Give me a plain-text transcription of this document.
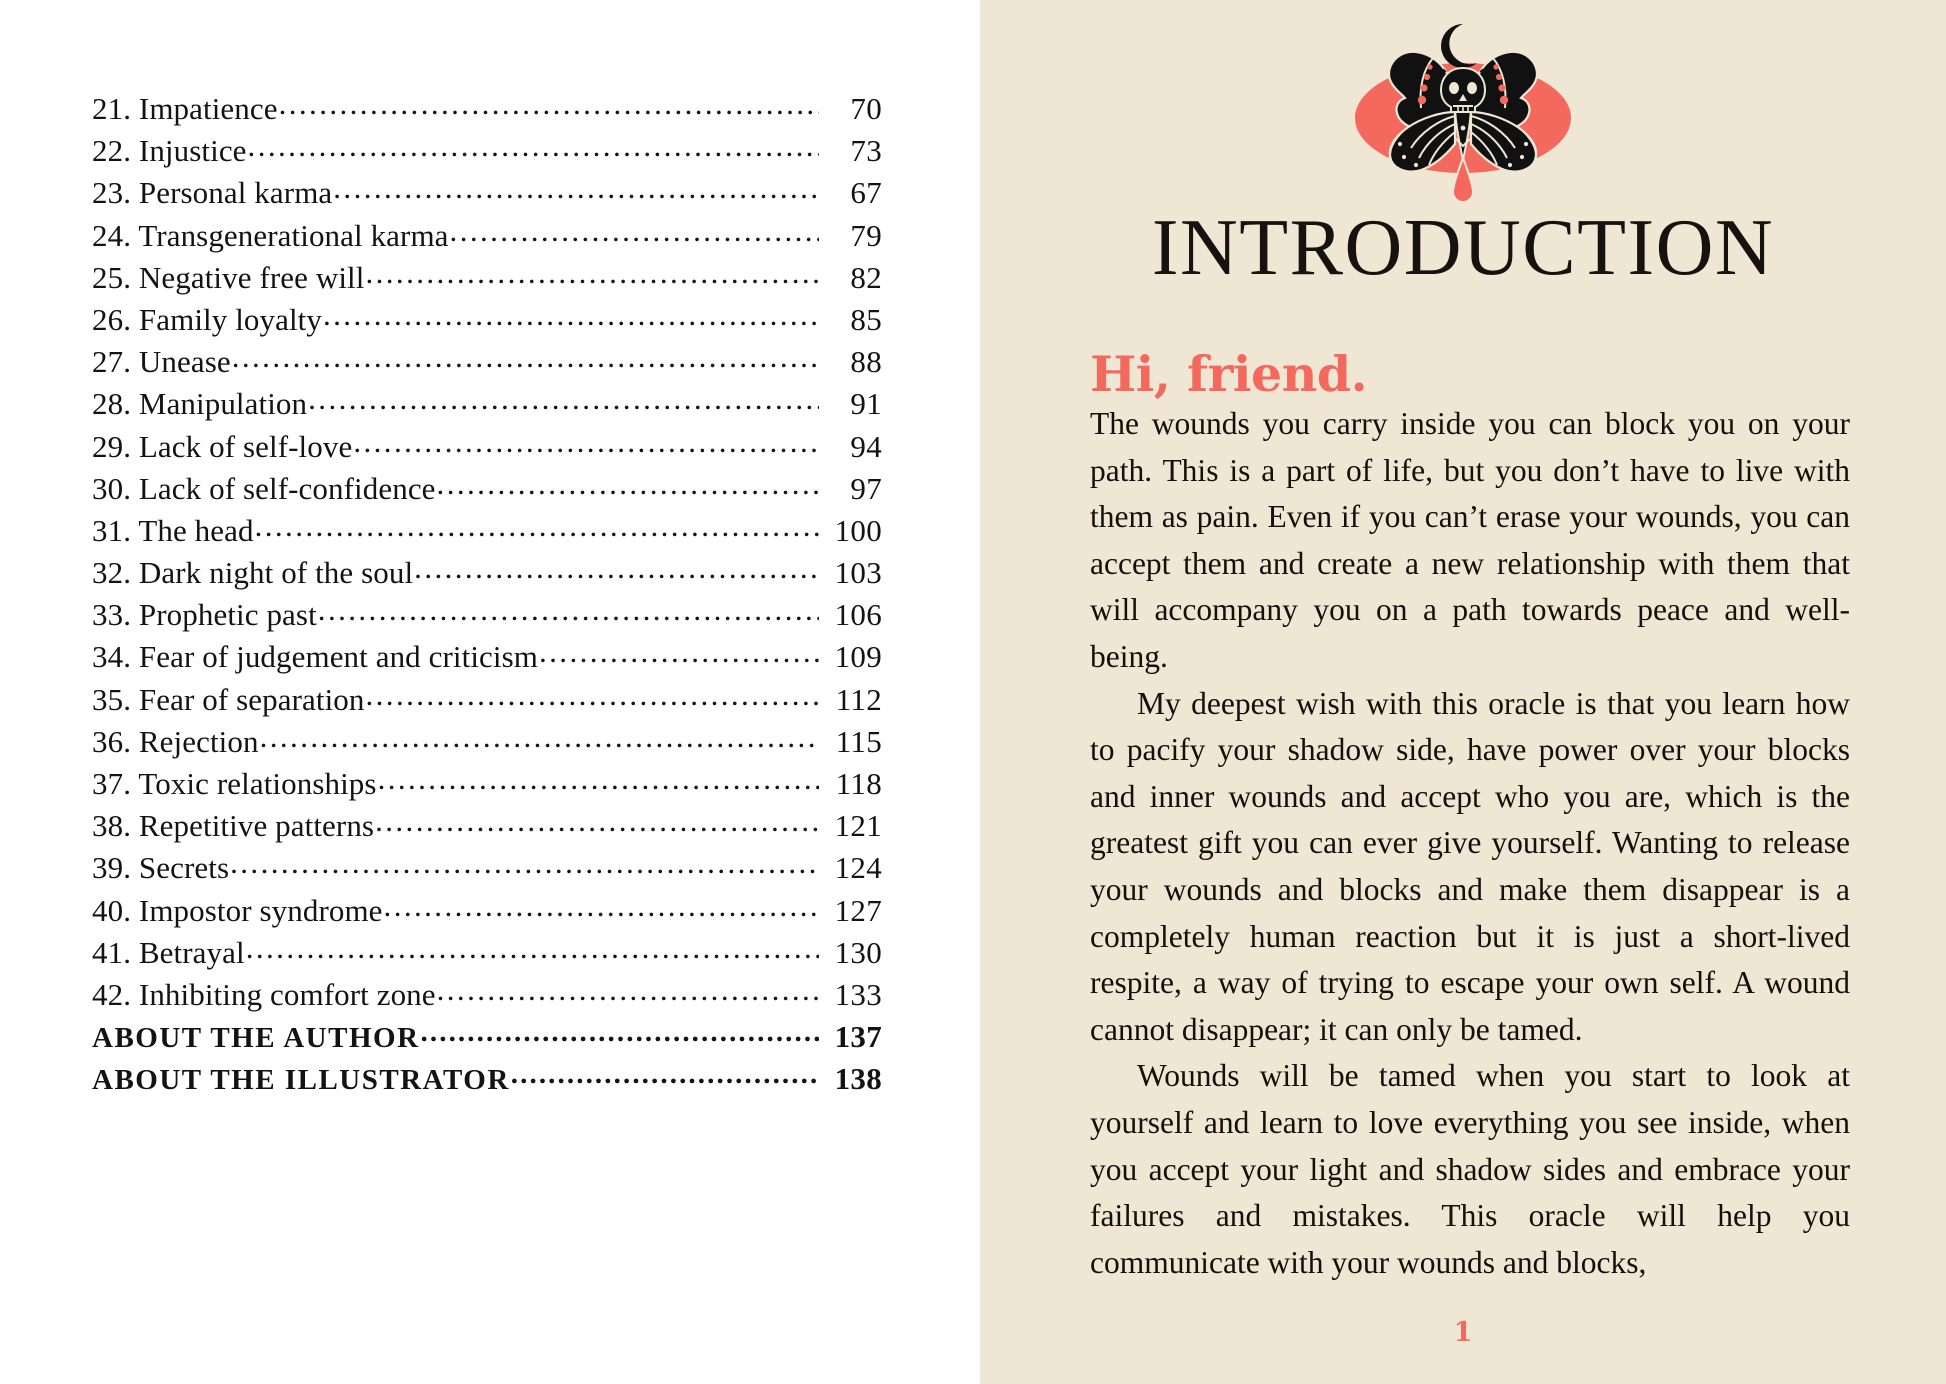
21. Impatience .....	70
22. Injustice .....	73
23. Personal karma .....	67
24. Transgenerational karma .....	79
25. Negative free will .....	82
26. Family loyalty .....	85
27. Unease .....	88
28. Manipulation .....	91
29. Lack of self-love .....	94
30. Lack of self-confidence .....	97
31. The head .....	100
32. Dark night of the soul .....	103
33. Prophetic past .....	106
34. Fear of judgement and criticism .....	109
35. Fear of separation .....	112
36. Rejection .....	115
37. Toxic relationships .....	118
38. Repetitive patterns .....	121
39. Secrets .....	124
40. Impostor syndrome .....	127
41. Betrayal .....	130
42. Inhibiting comfort zone .....	133
ABOUT THE AUTHOR .....	137
ABOUT THE ILLUSTRATOR .....	138
INTRODUCTION
Hi, friend.

The wounds you carry inside you can block you on your path. This is a part of life, but you don’t have to live with them as pain. Even if you can’t erase your wounds, you can accept them and create a new relationship with them that will accompany you on a path towards peace and well-being.

My deepest wish with this oracle is that you learn how to pacify your shadow side, have power over your blocks and inner wounds and accept who you are, which is the greatest gift you can ever give yourself. Wanting to release your wounds and blocks and make them disappear is a completely human reaction but it is just a short-lived respite, a way of trying to escape your own self. A wound cannot disappear; it can only be tamed.

Wounds will be tamed when you start to look at yourself and learn to love everything you see inside, when you accept your light and shadow sides and embrace your failures and mistakes. This oracle will help you communicate with your wounds and blocks,

1
